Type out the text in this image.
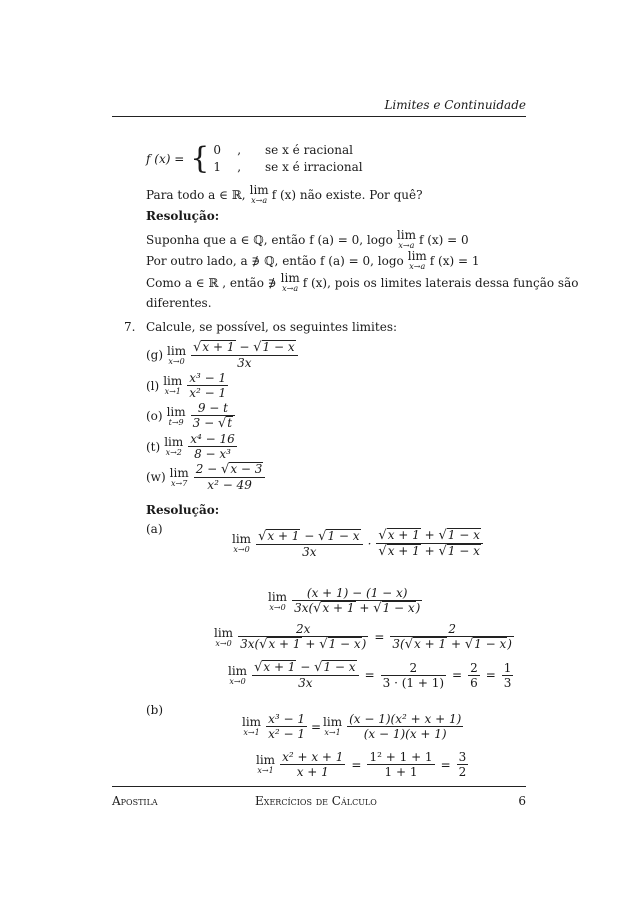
Limites e Continuidade
f (x) = { 0 , se x é racional
1 , se x é irracional
Para todo a ∈ ℝ, lim
x→a f (x) não existe. Por quê?
Resolução:
Suponha que a ∈ ℚ, então f (a) = 0, logo lim
x→a f (x) = 0
Por outro lado, a ∌ ℚ, então f (a) = 0, logo lim
x→a f (x) = 1
Como a ∈ ℝ , então ∌ lim
x→a f (x), pois os limites laterais dessa função são
diferentes.
7. Calcule, se possível, os seguintes limites:
(g) lim
$x\to 0 \frac{√x + 1 - √1 - x}{3x}$
(l) lim
$x\to 1 \frac{\text{x³ − 1}}{\text{x² − 1}}$
(o) lim
$t\to 9 \frac{9 - t}{3 - √t}$
(t) lim
$x\to 2 \frac{\text{x⁴ − 16}}{\text{8 − x³}}$
(w) lim
$x\to 7 \frac{2 - √x - 3}{\text{x² − 49}}$
Resolução:
(a)
lim
$x\to 0 \frac{√x + 1 - √1 - x}{3x} \cdot \frac{√x + 1 + √1 - x}{√x + 1 + √1 - x}$
lim
$x\to 0 \frac{(x + 1) - (1 - x)}{3x(√x + 1 + √1 - x)}$
lim
$x\to 0 \frac{2x}{3x(√x + 1 + √1 - x)} = \frac{2}{3(√x + 1 + √1 - x)}$
lim
$x\to 0 \frac{√x + 1 - √1 - x}{3x} = \frac{2}{3 \cdot (1 + 1)} = \frac{2}{6} = \frac{1}{3}$
(b)
lim
$x\to 1 \frac{\text{x³ − 1}}{\text{x² − 1}} = \lim$
$x\to 1 \frac{\text{(x − 1)(x² + x + 1)}}{(x - 1)(x + 1)}$
lim
$x\to 1 \frac{\text{x² + x + 1}}{x + 1} = \frac{\text{1² + 1 + 1}}{1 + 1} = \frac{3}{2}$
Apostila	Exercícios de Cálculo	6
